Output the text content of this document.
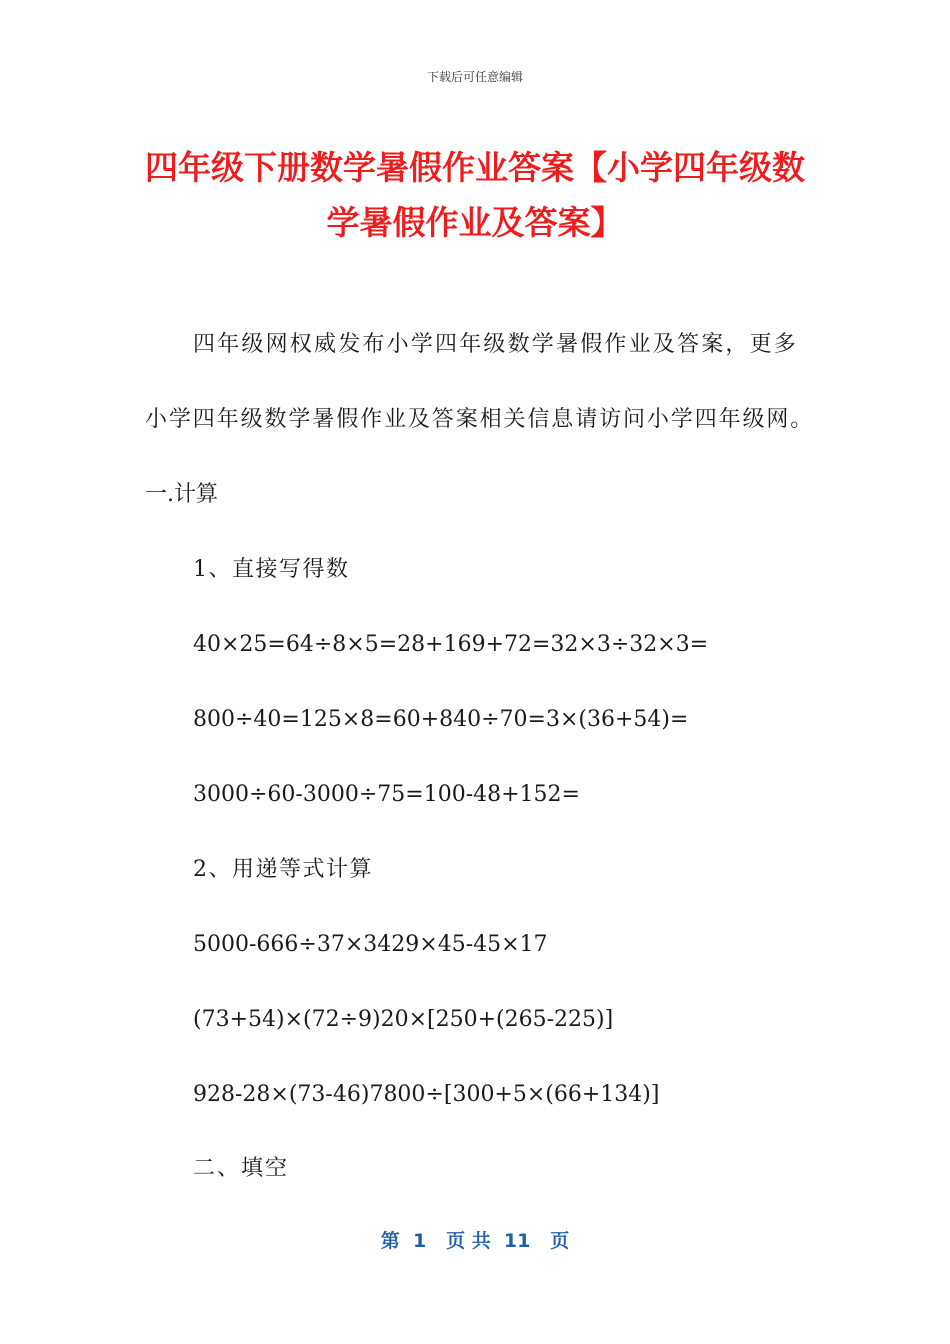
下载后可任意编辑
四年级下册数学暑假作业答案【小学四年级数学暑假作业及答案】
四年级网权威发布小学四年级数学暑假作业及答案，更多
小学四年级数学暑假作业及答案相关信息请访问小学四年级网。
一.计算
1、直接写得数
40×25=64÷8×5=28+169+72=32×3÷32×3=
800÷40=125×8=60+840÷70=3×(36+54)=
3000÷60-3000÷75=100-48+152=
2、用递等式计算
5000-666÷37×3429×45-45×17
(73+54)×(72÷9)20×[250+(265-225)]
928-28×(73-46)7800÷[300+5×(66+134)]
二、填空
第  1   页 共  11   页
